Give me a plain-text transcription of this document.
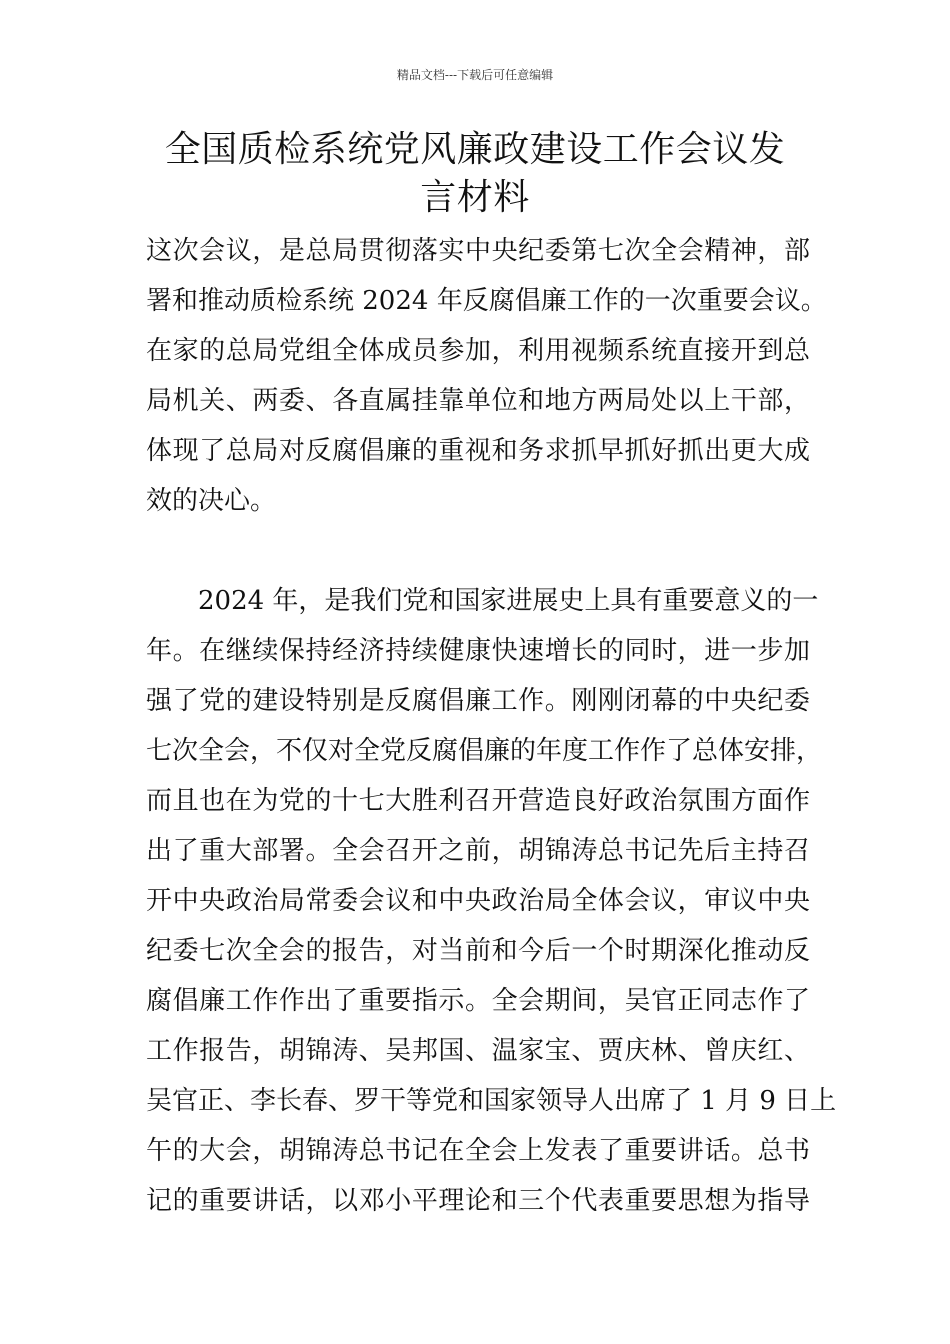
精品文档---下载后可任意编辑
全国质检系统党风廉政建设工作会议发
言材料
这次会议，是总局贯彻落实中央纪委第七次全会精神，部
署和推动质检系统 2024 年反腐倡廉工作的一次重要会议。
在家的总局党组全体成员参加，利用视频系统直接开到总
局机关、两委、各直属挂靠单位和地方两局处以上干部，
体现了总局对反腐倡廉的重视和务求抓早抓好抓出更大成
效的决心。
　　2024 年，是我们党和国家进展史上具有重要意义的一
年。在继续保持经济持续健康快速增长的同时，进一步加
强了党的建设特别是反腐倡廉工作。刚刚闭幕的中央纪委
七次全会，不仅对全党反腐倡廉的年度工作作了总体安排，
而且也在为党的十七大胜利召开营造良好政治氛围方面作
出了重大部署。全会召开之前，胡锦涛总书记先后主持召
开中央政治局常委会议和中央政治局全体会议，审议中央
纪委七次全会的报告，对当前和今后一个时期深化推动反
腐倡廉工作作出了重要指示。全会期间，吴官正同志作了
工作报告，胡锦涛、吴邦国、温家宝、贾庆林、曾庆红、
吴官正、李长春、罗干等党和国家领导人出席了 1 月 9 日上
午的大会，胡锦涛总书记在全会上发表了重要讲话。总书
记的重要讲话，以邓小平理论和三个代表重要思想为指导
